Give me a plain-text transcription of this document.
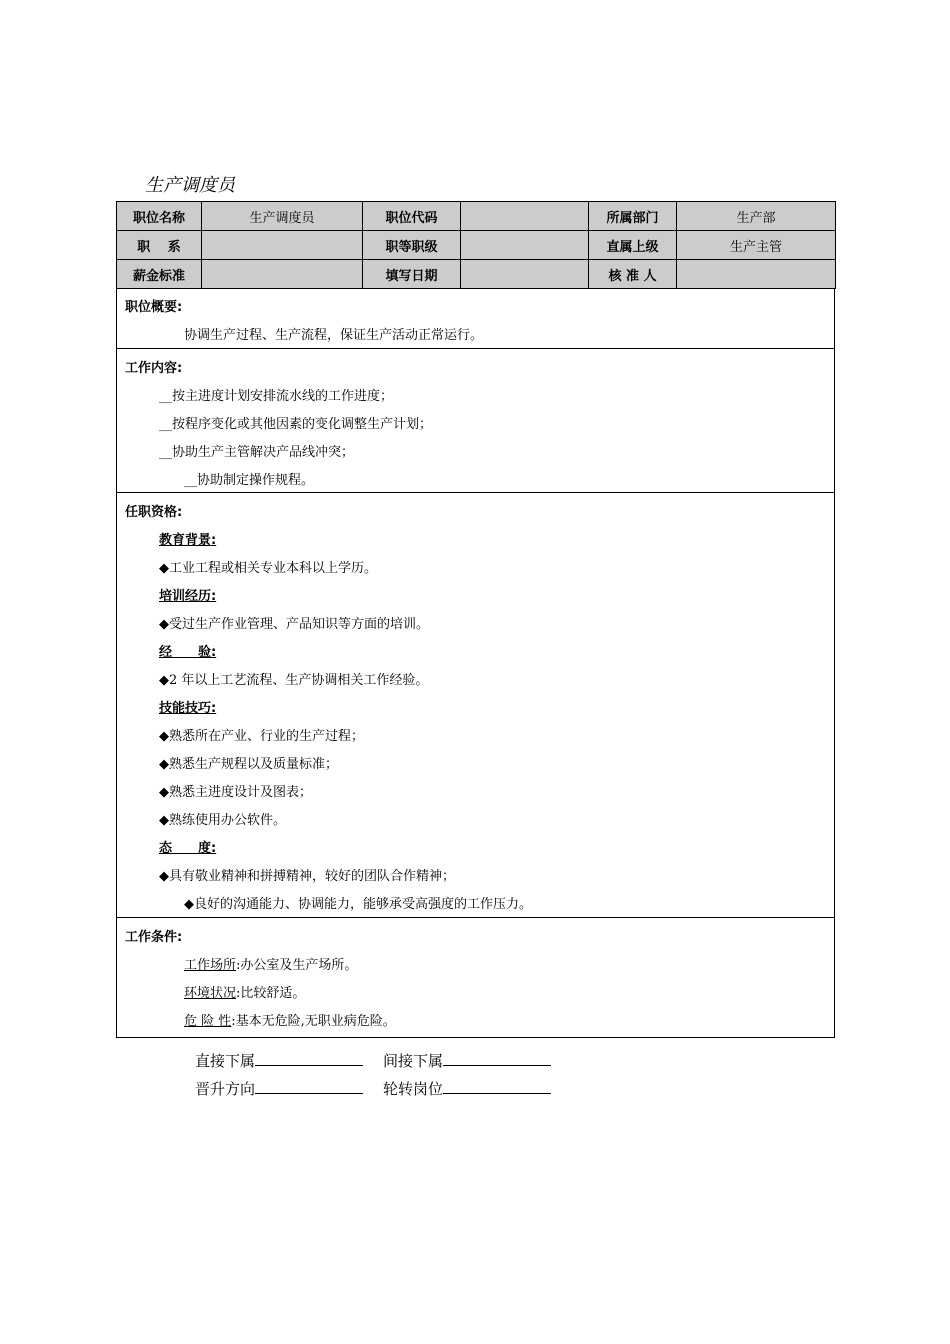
生产调度员
职位名称	生产调度员	职位代码		所属部门	生产部
职　 系		职等职级		直属上级	生产主管
薪金标准		填写日期		核 准 人	
职位概要:
协调生产过程、生产流程，保证生产活动正常运行。
工作内容:
__按主进度计划安排流水线的工作进度；
__按程序变化或其他因素的变化调整生产计划；
__协助生产主管解决产品线冲突；
__协助制定操作规程。
任职资格:
教育背景:
◆工业工程或相关专业本科以上学历。
培训经历:
◆受过生产作业管理、产品知识等方面的培训。
经　　验:
◆2 年以上工艺流程、生产协调相关工作经验。
技能技巧:
◆熟悉所在产业、行业的生产过程；
◆熟悉生产规程以及质量标准；
◆熟悉主进度设计及图表；
◆熟练使用办公软件。
态　　度:
◆具有敬业精神和拼搏精神，较好的团队合作精神；
◆良好的沟通能力、协调能力，能够承受高强度的工作压力。
工作条件:
工作场所:办公室及生产场所。
环境状况:比较舒适。
危 险 性:基本无危险,无职业病危险。
直接下属	间接下属
晋升方向	轮转岗位
